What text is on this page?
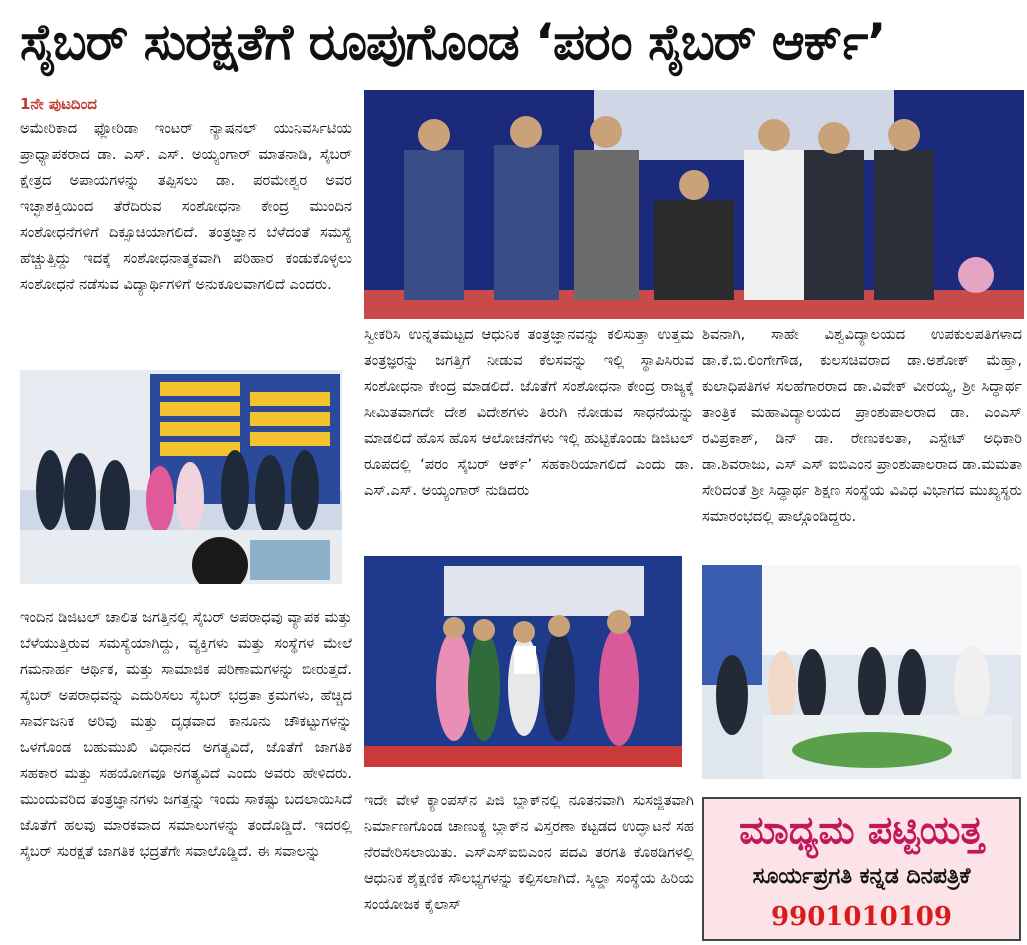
ಸೈಬರ್ ಸುರಕ್ಷತೆಗೆ ರೂಪುಗೊಂಡ ‘ಪರಂ ಸೈಬರ್ ಆರ್ಕ್’
1ನೇ ಪುಟದಿಂದ

ಅಮೇರಿಕಾದ ಫ್ಲೋರಿಡಾ ಇಂಟರ್ ನ್ಯಾಷನಲ್ ಯುನಿವರ್ಸಿಟಿಯ ಪ್ರಾಧ್ಯಾಪಕರಾದ ಡಾ. ಎಸ್. ಎಸ್. ಅಯ್ಯಂಗಾರ್ ಮಾತನಾಡಿ, ಸೈಬರ್ ಕ್ಷೇತ್ರದ ಅಪಾಯಗಳನ್ನು ತಪ್ಪಿಸಲು ಡಾ. ಪರಮೇಶ್ವರ ಅವರ ಇಚ್ಛಾಶಕ್ತಿಯಿಂದ ತೆರೆದಿರುವ ಸಂಶೋಧನಾ ಕೇಂದ್ರ ಮುಂದಿನ ಸಂಶೋಧನೆಗಳಿಗೆ ದಿಕ್ಸೂಚಿಯಾಗಲಿದೆ. ತಂತ್ರಜ್ಞಾನ ಬೆಳೆದಂತೆ ಸಮಸ್ಯೆ ಹೆಚ್ಚುತ್ತಿದ್ದು ಇದಕ್ಕೆ ಸಂಶೋಧನಾತ್ಮಕವಾಗಿ ಪರಿಹಾರ ಕಂಡುಕೊಳ್ಳಲು ಸಂಶೋಧನೆ ನಡೆಸುವ ವಿದ್ಯಾರ್ಥಿಗಳಿಗೆ ಅನುಕೂಲವಾಗಲಿದೆ ಎಂದರು.

ಇಂದಿನ ಡಿಜಿಟಲ್ ಚಾಲಿತ ಜಗತ್ತಿನಲ್ಲಿ ಸೈಬರ್ ಅಪರಾಧವು ವ್ಯಾಪಕ ಮತ್ತು ಬೆಳೆಯುತ್ತಿರುವ ಸಮಸ್ಯೆಯಾಗಿದ್ದು, ವ್ಯಕ್ತಿಗಳು ಮತ್ತು ಸಂಸ್ಥೆಗಳ ಮೇಲೆ ಗಮನಾರ್ಹ ಆರ್ಥಿಕ, ಮತ್ತು ಸಾಮಾಜಿಕ ಪರಿಣಾಮಗಳನ್ನು ಬೀರುತ್ತದೆ. ಸೈಬರ್ ಅಪರಾಧವನ್ನು ಎದುರಿಸಲು ಸೈಬರ್ ಭದ್ರತಾ ಕ್ರಮಗಳು, ಹೆಚ್ಚಿದ ಸಾರ್ವಜನಿಕ ಅರಿವು ಮತ್ತು ದೃಢವಾದ ಕಾನೂನು ಚೌಕಟ್ಟುಗಳನ್ನು ಒಳಗೊಂಡ ಬಹುಮುಖಿ ವಿಧಾನದ ಅಗತ್ಯವಿದೆ, ಜೊತೆಗೆ ಜಾಗತಿಕ ಸಹಕಾರ ಮತ್ತು ಸಹಯೋಗವೂ ಅಗತ್ಯವಿದೆ ಎಂದು ಅವರು ಹೇಳಿದರು. ಮುಂದುವರಿದ ತಂತ್ರಜ್ಞಾನಗಳು ಜಗತ್ತನ್ನು ಇಂದು ಸಾಕಷ್ಟು ಬದಲಾಯಿಸಿದೆ ಜೊತೆಗೆ ಹಲವು ಮಾರಕವಾದ ಸಮಾಲುಗಳನ್ನು ತಂದೊಡ್ಡಿದೆ. ಇದರಲ್ಲಿ ಸೈಬರ್ ಸುರಕ್ಷತೆ ಜಾಗತಿಕ ಭದ್ರತೆಗೇ ಸವಾಲೊಡ್ಡಿದೆ. ಈ ಸವಾಲನ್ನು

ಸ್ವೀಕರಿಸಿ ಉನ್ನತಮಟ್ಟದ ಆಧುನಿಕ ತಂತ್ರಜ್ಞಾನವನ್ನು ಕಲಿಸುತ್ತಾ ಉತ್ತಮ ತಂತ್ರಜ್ಞರನ್ನು ಜಗತ್ತಿಗೆ ನೀಡುವ ಕೆಲಸವನ್ನು ಇಲ್ಲಿ ಸ್ಥಾಪಿಸಿರುವ ಸಂಶೋಧನಾ ಕೇಂದ್ರ ಮಾಡಲಿದೆ. ಜೊತೆಗೆ ಸಂಶೋಧನಾ ಕೇಂದ್ರ ರಾಜ್ಯಕ್ಕೆ ಸೀಮಿತವಾಗದೇ ದೇಶ ವಿದೇಶಗಳು ತಿರುಗಿ ನೋಡುವ ಸಾಧನೆಯನ್ನು ಮಾಡಲಿದೆ ಹೊಸ ಹೊಸ ಆಲೋಚನೆಗಳು ಇಲ್ಲಿ ಹುಟ್ಟಿಕೊಂಡು ಡಿಜಿಟಲ್ ರೂಪದಲ್ಲಿ ‘ಪರಂ ಸೈಬರ್ ಆರ್ಕ್’ ಸಹಕಾರಿಯಾಗಲಿದೆ ಎಂದು ಡಾ. ಎಸ್.ಎಸ್. ಅಯ್ಯಂಗಾರ್ ನುಡಿದರು

ಇದೇ ವೇಳೆ ಕ್ಯಾಂಪಸ್‌ನ ಪಿಜಿ ಬ್ಲಾಕ್‌ನಲ್ಲಿ ನೂತನವಾಗಿ ಸುಸಜ್ಜಿತವಾಗಿ ನಿರ್ಮಾಣಗೊಂಡ ಚಾಣುಕ್ಯ ಬ್ಲಾಕ್‌ನ ವಿಸ್ತರಣಾ ಕಟ್ಟಡದ ಉದ್ಘಾಟನೆ ಸಹ ನೆರವೇರಿಸಲಾಯಿತು. ಎಸ್‌ಎಸ್‌ಐಬಿಎಂನ ಪದವಿ ತರಗತಿ ಕೊಠಡಿಗಳಲ್ಲಿ ಆಧುನಿಕ ಶೈಕ್ಷಣಿಕ ಸೌಲಭ್ಯಗಳನ್ನು ಕಲ್ಪಿಸಲಾಗಿದೆ. ಸ್ಕಿಲ್ಡಾ ಸಂಸ್ಥೆಯ ಹಿರಿಯ ಸಂಯೋಜಕ ಕೈಲಾಸ್

ಶಿವನಾಗಿ, ಸಾಹೇ ವಿಶ್ವವಿದ್ಯಾಲಯದ ಉಪಕುಲಪತಿಗಳಾದ ಡಾ.ಕೆ.ಬಿ.ಲಿಂಗೇಗೌಡ, ಕುಲಸಚಿವರಾದ ಡಾ.ಅಶೋಕ್ ಮೆಹ್ತಾ, ಕುಲಾಧಿಪತಿಗಳ ಸಲಹೆಗಾರರಾದ ಡಾ.ವಿವೇಕ್ ವೀರಯ್ಯ, ಶ್ರೀ ಸಿದ್ಧಾರ್ಥ ತಾಂತ್ರಿಕ ಮಹಾವಿದ್ಯಾಲಯದ ಪ್ರಾಂಶುಪಾಲರಾದ ಡಾ. ಎಂಎಸ್ ರವಿಪ್ರಕಾಶ್, ಡಿನ್ ಡಾ. ರೇಣುಕಲತಾ, ಎಸ್ಟೇಟ್ ಅಧಿಕಾರಿ ಡಾ.ಶಿವರಾಜು, ಎಸ್ ಎಸ್ ಐಬಿಎಂನ ಪ್ರಾಂಶುಪಾಲರಾದ ಡಾ.ಮಮತಾ ಸೇರಿದಂತೆ ಶ್ರೀ ಸಿದ್ಧಾರ್ಥ ಶಿಕ್ಷಣ ಸಂಸ್ಥೆಯ ವಿವಿಧ ವಿಭಾಗದ ಮುಖ್ಯಸ್ಥರು ಸಮಾರಂಭದಲ್ಲಿ ಪಾಲ್ಗೊಂಡಿದ್ದರು.

ಮಾಧ್ಯಮ ಪಟ್ಟಿಯತ್ತ
ಸೂರ್ಯಪ್ರಗತಿ ಕನ್ನಡ ದಿನಪತ್ರಿಕೆ
9901010109
